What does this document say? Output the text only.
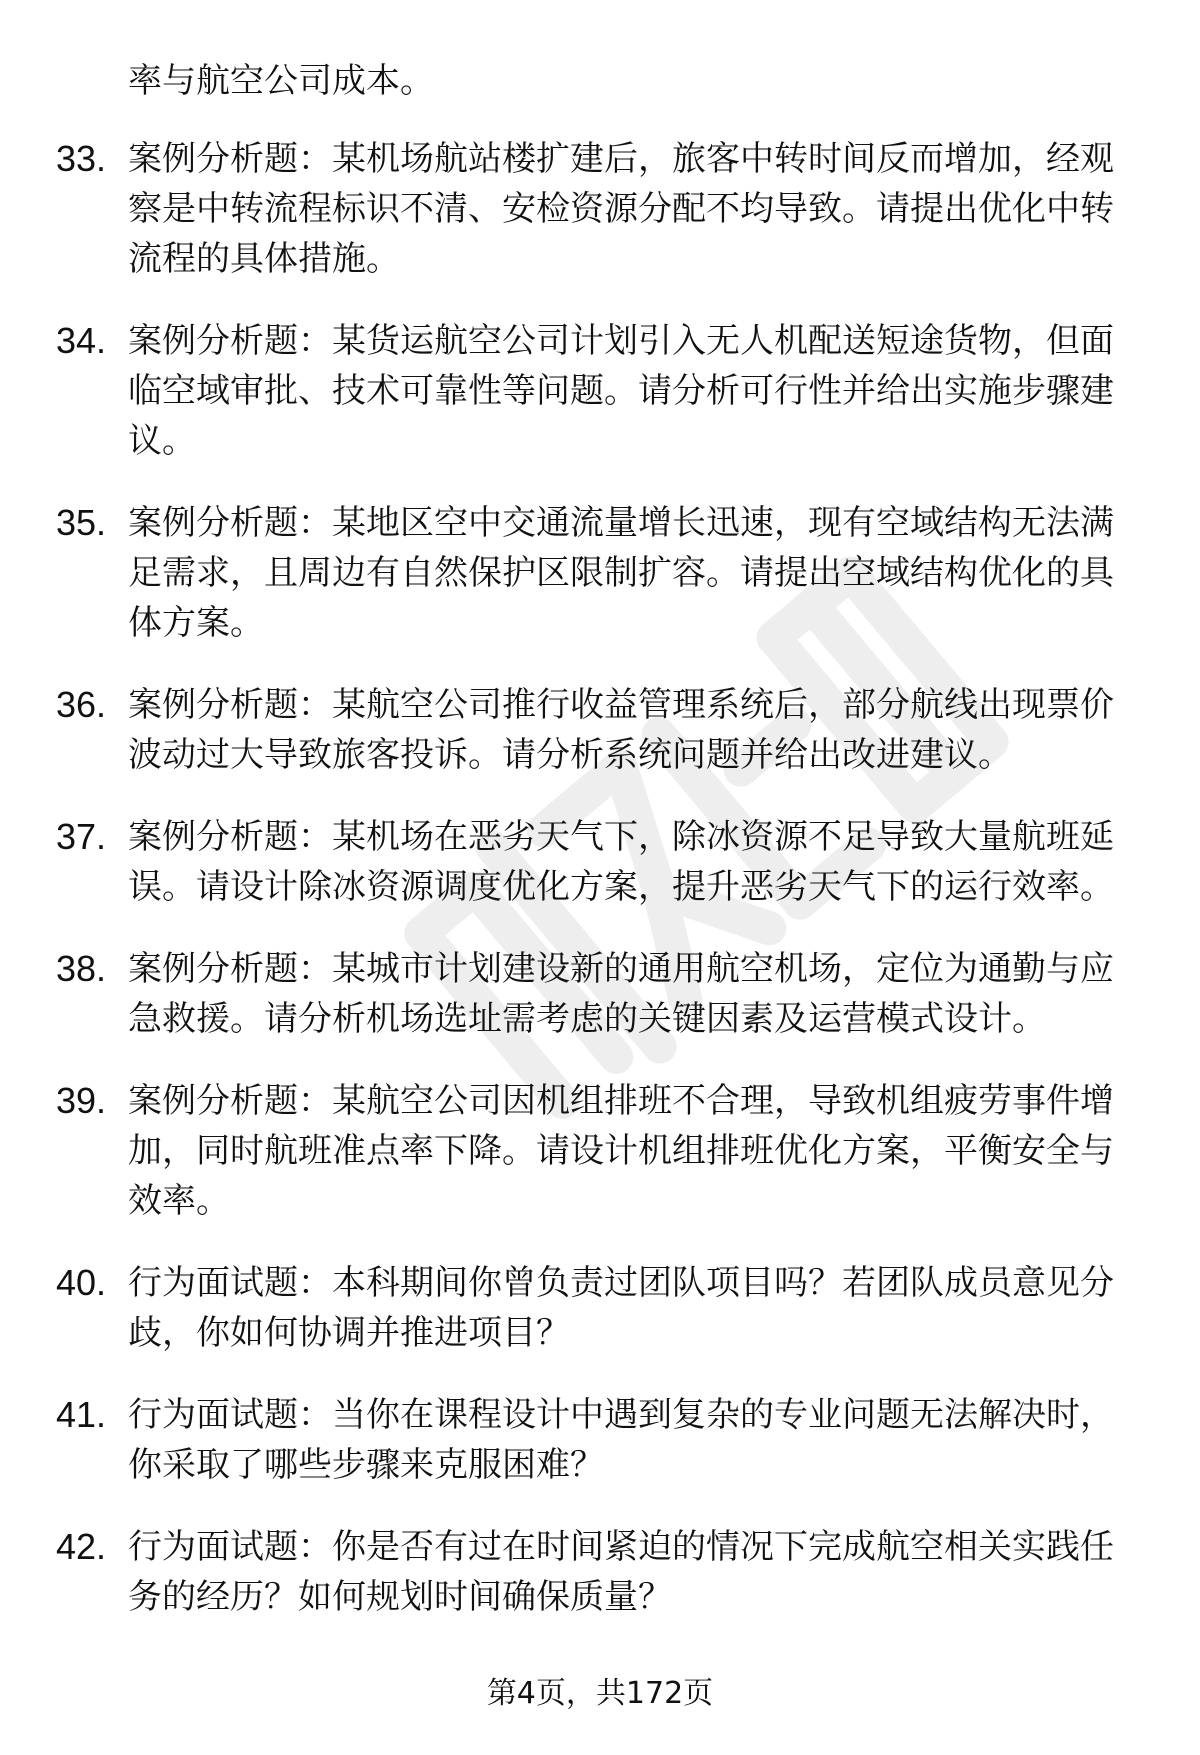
率与航空公司成本。
33. 案例分析题：某机场航站楼扩建后，旅客中转时间反而增加，经观察是中转流程标识不清、安检资源分配不均导致。请提出优化中转流程的具体措施。
34. 案例分析题：某货运航空公司计划引入无人机配送短途货物，但面临空域审批、技术可靠性等问题。请分析可行性并给出实施步骤建议。
35. 案例分析题：某地区空中交通流量增长迅速，现有空域结构无法满足需求，且周边有自然保护区限制扩容。请提出空域结构优化的具体方案。
36. 案例分析题：某航空公司推行收益管理系统后，部分航线出现票价波动过大导致旅客投诉。请分析系统问题并给出改进建议。
37. 案例分析题：某机场在恶劣天气下，除冰资源不足导致大量航班延误。请设计除冰资源调度优化方案，提升恶劣天气下的运行效率。
38. 案例分析题：某城市计划建设新的通用航空机场，定位为通勤与应急救援。请分析机场选址需考虑的关键因素及运营模式设计。
39. 案例分析题：某航空公司因机组排班不合理，导致机组疲劳事件增加，同时航班准点率下降。请设计机组排班优化方案，平衡安全与效率。
40. 行为面试题：本科期间你曾负责过团队项目吗？若团队成员意见分歧，你如何协调并推进项目？
41. 行为面试题：当你在课程设计中遇到复杂的专业问题无法解决时，你采取了哪些步骤来克服困难？
42. 行为面试题：你是否有过在时间紧迫的情况下完成航空相关实践任务的经历？如何规划时间确保质量？
第4页，共172页
